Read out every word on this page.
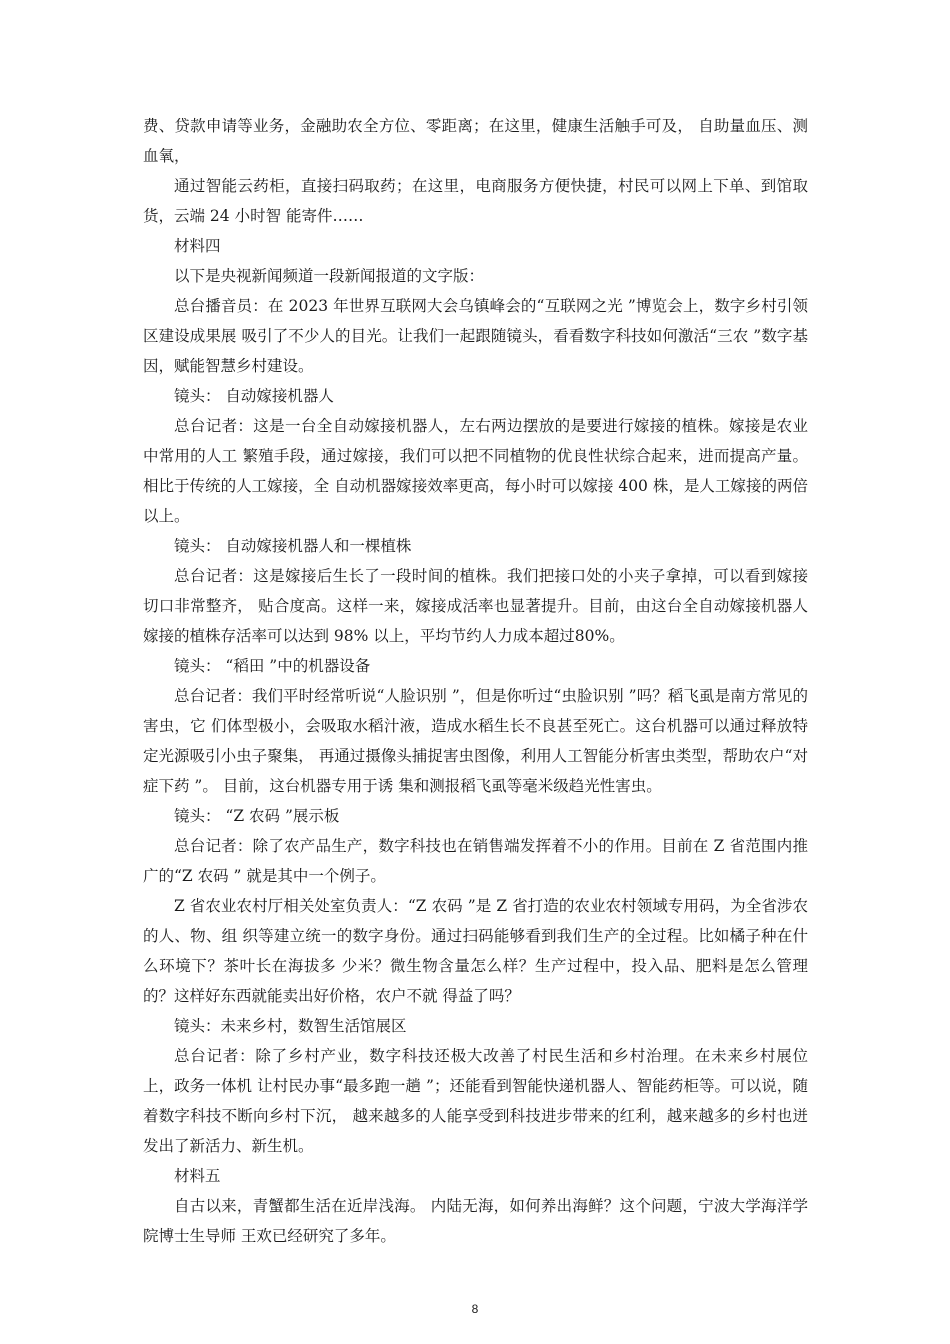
费、贷款申请等业务，金融助农全方位、零距离；在这里，健康生活触手可及， 自助量血压、测血氧，

通过智能云药柜，直接扫码取药；在这里，电商服务方便快捷，村民可以网上下单、到馆取货，云端 24 小时智 能寄件……

材料四

以下是央视新闻频道一段新闻报道的文字版：

总台播音员：在 2023 年世界互联网大会乌镇峰会的“互联网之光 ”博览会上，数字乡村引领区建设成果展 吸引了不少人的目光。让我们一起跟随镜头，看看数字科技如何激活“三农 ”数字基因，赋能智慧乡村建设。

镜头： 自动嫁接机器人

总台记者：这是一台全自动嫁接机器人，左右两边摆放的是要进行嫁接的植株。嫁接是农业中常用的人工 繁殖手段，通过嫁接，我们可以把不同植物的优良性状综合起来，进而提高产量。相比于传统的人工嫁接，全 自动机器嫁接效率更高，每小时可以嫁接 400 株，是人工嫁接的两倍以上。

镜头： 自动嫁接机器人和一棵植株

总台记者：这是嫁接后生长了一段时间的植株。我们把接口处的小夹子拿掉，可以看到嫁接切口非常整齐， 贴合度高。这样一来，嫁接成活率也显著提升。目前，由这台全自动嫁接机器人嫁接的植株存活率可以达到 98% 以上，平均节约人力成本超过80%。

镜头： “稻田 ”中的机器设备

总台记者：我们平时经常听说“人脸识别 ”，但是你听过“虫脸识别 ”吗？稻飞虱是南方常见的害虫，它 们体型极小，会吸取水稻汁液，造成水稻生长不良甚至死亡。这台机器可以通过释放特定光源吸引小虫子聚集， 再通过摄像头捕捉害虫图像，利用人工智能分析害虫类型，帮助农户“对症下药 ”。 目前，这台机器专用于诱 集和测报稻飞虱等毫米级趋光性害虫。

镜头： “Z 农码 ”展示板

总台记者：除了农产品生产，数字科技也在销售端发挥着不小的作用。目前在 Z 省范围内推广的“Z 农码 ” 就是其中一个例子。

Z 省农业农村厅相关处室负责人：“Z 农码 ”是 Z 省打造的农业农村领域专用码，为全省涉农的人、物、组 织等建立统一的数字身份。通过扫码能够看到我们生产的全过程。比如橘子种在什么环境下？茶叶长在海拔多 少米？微生物含量怎么样？生产过程中，投入品、肥料是怎么管理的？这样好东西就能卖出好价格，农户不就 得益了吗？

镜头：未来乡村，数智生活馆展区

总台记者：除了乡村产业，数字科技还极大改善了村民生活和乡村治理。在未来乡村展位上，政务一体机 让村民办事“最多跑一趟 ”；还能看到智能快递机器人、智能药柜等。可以说，随着数字科技不断向乡村下沉， 越来越多的人能享受到科技进步带来的红利，越来越多的乡村也迸发出了新活力、新生机。

材料五

自古以来，青蟹都生活在近岸浅海。 内陆无海，如何养出海鲜？这个问题，宁波大学海洋学院博士生导师 王欢已经研究了多年。

8
